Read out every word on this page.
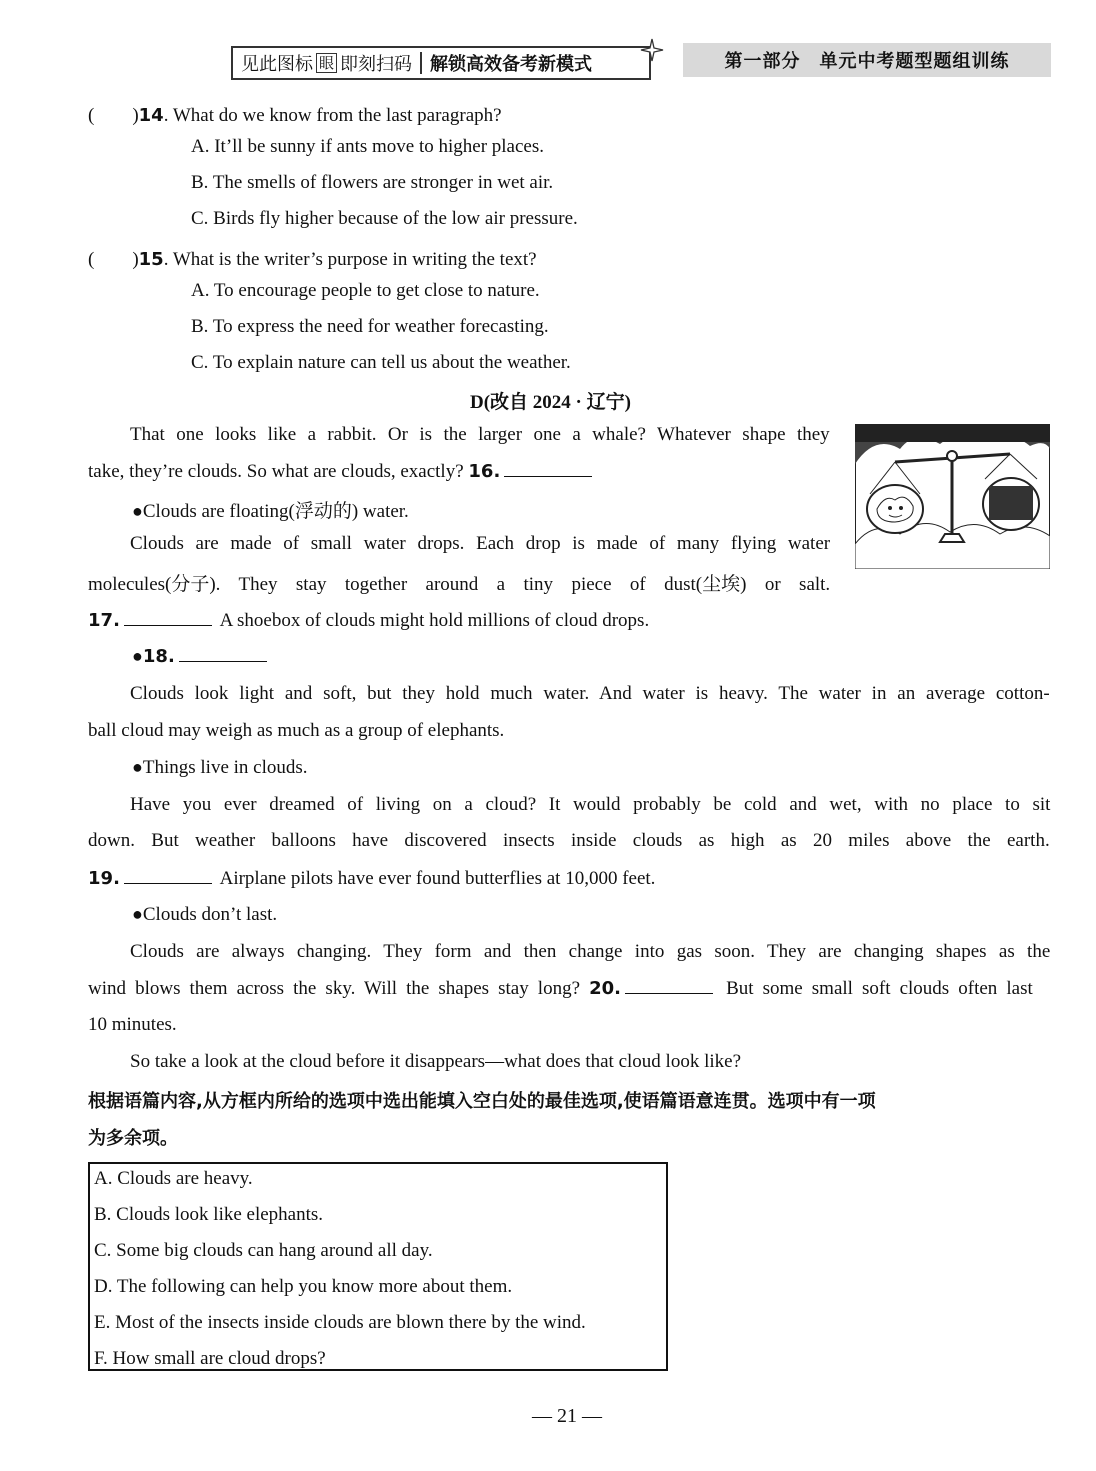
见此图标 眼 即刻扫码 解锁高效备考新模式	第一部分　单元中考题型题组训练
(　　)14. What do we know from the last paragraph?
A. It’ll be sunny if ants move to higher places.
B. The smells of flowers are stronger in wet air.
C. Birds fly higher because of the low air pressure.
(　　)15. What is the writer’s purpose in writing the text?
A. To encourage people to get close to nature.
B. To express the need for weather forecasting.
C. To explain nature can tell us about the weather.
D(改自 2024 · 辽宁)
That one looks like a rabbit. Or is the larger one a whale? Whatever shape they
take, they’re clouds. So what are clouds, exactly? 16.
●Clouds are floating(浮动的) water.
Clouds are made of small water drops. Each drop is made of many flying water
molecules(分子). They stay together around a tiny piece of dust(尘埃) or salt.
17.	A shoebox of clouds might hold millions of cloud drops.
●18.
Clouds look light and soft, but they hold much water. And water is heavy. The water in an average cotton-
ball cloud may weigh as much as a group of elephants.
●Things live in clouds.
Have you ever dreamed of living on a cloud? It would probably be cold and wet, with no place to sit
down. But weather balloons have discovered insects inside clouds as high as 20 miles above the earth.
19.	Airplane pilots have ever found butterflies at 10,000 feet.
●Clouds don’t last.
Clouds are always changing. They form and then change into gas soon. They are changing shapes as the
wind blows them across the sky. Will the shapes stay long? 20.	But some small soft clouds often last
10 minutes.
So take a look at the cloud before it disappears—what does that cloud look like?
根据语篇内容,从方框内所给的选项中选出能填入空白处的最佳选项,使语篇语意连贯。选项中有一项
为多余项。
A. Clouds are heavy.
B. Clouds look like elephants.
C. Some big clouds can hang around all day.
D. The following can help you know more about them.
E. Most of the insects inside clouds are blown there by the wind.
F. How small are cloud drops?
— 21 —
